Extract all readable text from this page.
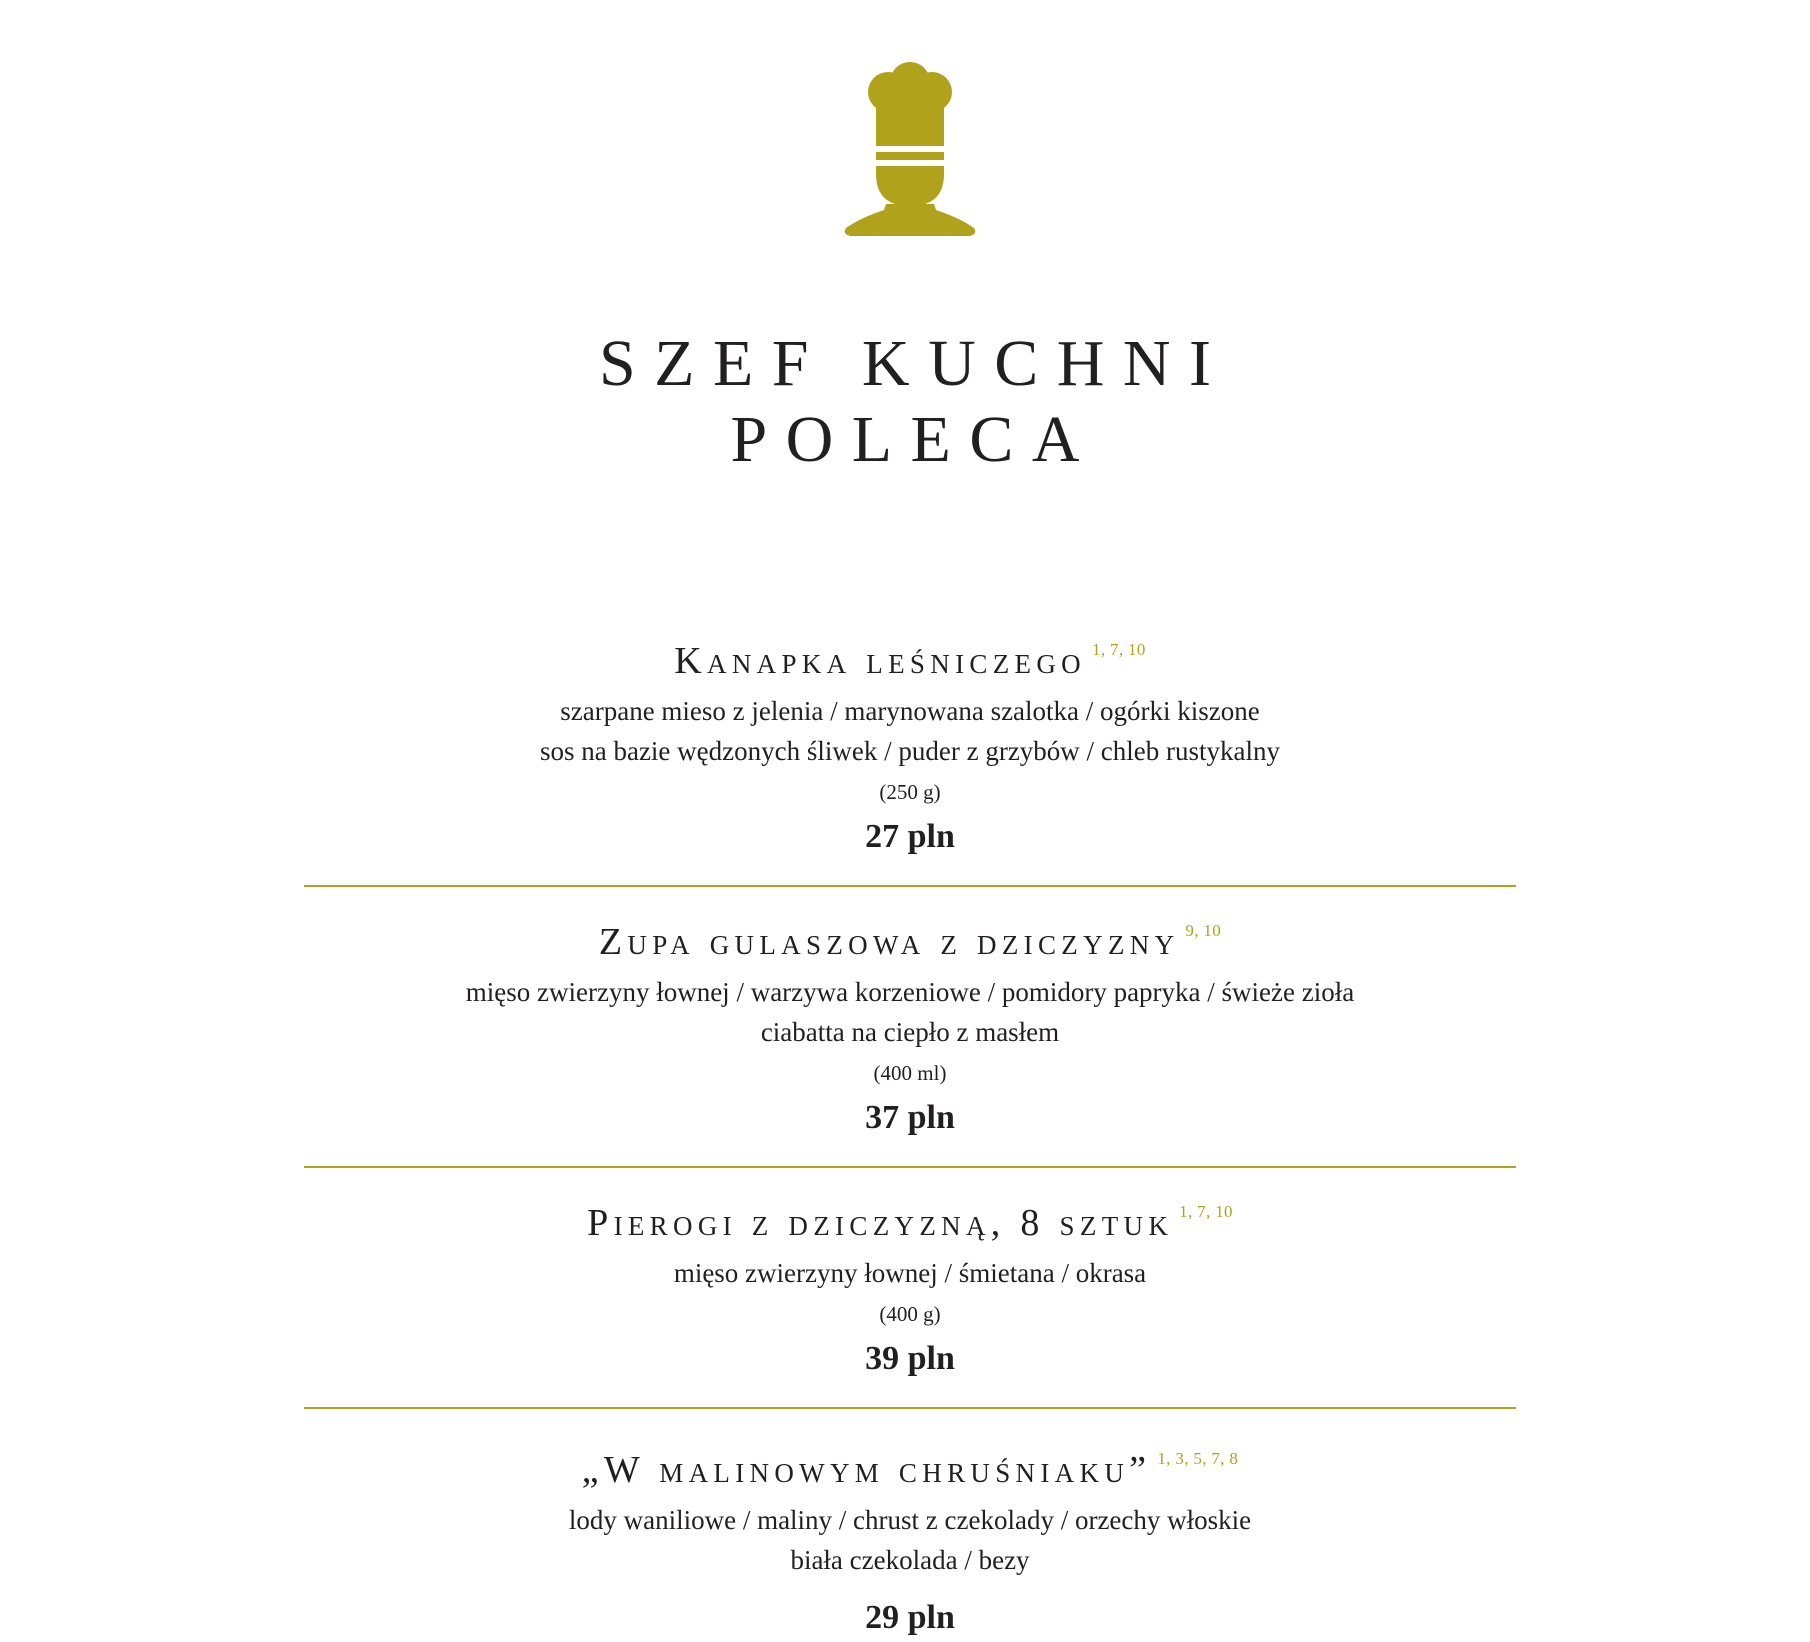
SZEF KUCHNI
POLECA
Kanapka leśniczego $^{1, 7, 10}$

szarpane mieso z jelenia / marynowana szalotka / ogórki kiszone

sos na bazie wędzonych śliwek / puder z grzybów / chleb rustykalny

(250 g)

27 pln

Zupa gulaszowa z dziczyzny $^{9, 10}$

mięso zwierzyny łownej / warzywa korzeniowe / pomidory papryka / świeże zioła

ciabatta na ciepło z masłem

(400 ml)

37 pln

Pierogi z dziczyzną, 8 sztuk $^{1, 7, 10}$

mięso zwierzyny łownej / śmietana / okrasa

(400 g)

39 pln

„W malinowym chruśniaku” $^{1, 3, 5, 7, 8}$

lody waniliowe / maliny / chrust z czekolady / orzechy włoskie

biała czekolada / bezy

29 pln
